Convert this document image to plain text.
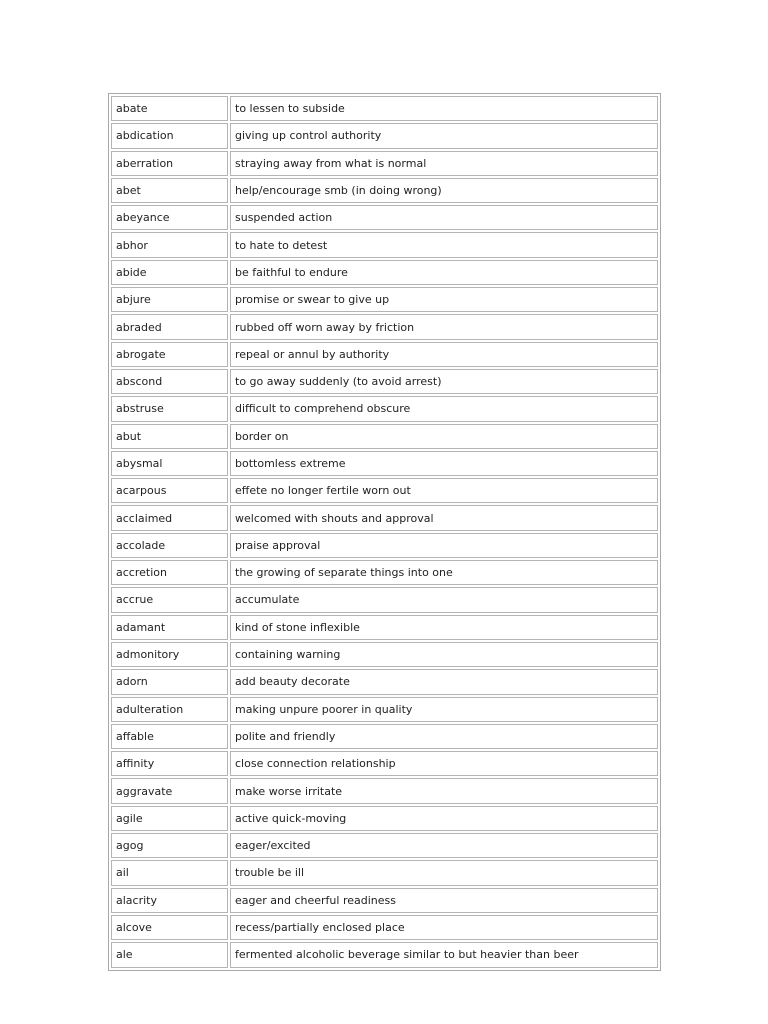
abate	to lessen to subside
abdication	giving up control authority
aberration	straying away from what is normal
abet	help/encourage smb (in doing wrong)
abeyance	suspended action
abhor	to hate to detest
abide	be faithful to endure
abjure	promise or swear to give up
abraded	rubbed off worn away by friction
abrogate	repeal or annul by authority
abscond	to go away suddenly (to avoid arrest)
abstruse	difficult to comprehend obscure
abut	border on
abysmal	bottomless extreme
acarpous	effete no longer fertile worn out
acclaimed	welcomed with shouts and approval
accolade	praise approval
accretion	the growing of separate things into one
accrue	accumulate
adamant	kind of stone inflexible
admonitory	containing warning
adorn	add beauty decorate
adulteration	making unpure poorer in quality
affable	polite and friendly
affinity	close connection relationship
aggravate	make worse irritate
agile	active quick-moving
agog	eager/excited
ail	trouble be ill
alacrity	eager and cheerful readiness
alcove	recess/partially enclosed place
ale	fermented alcoholic beverage similar to but heavier than beer
